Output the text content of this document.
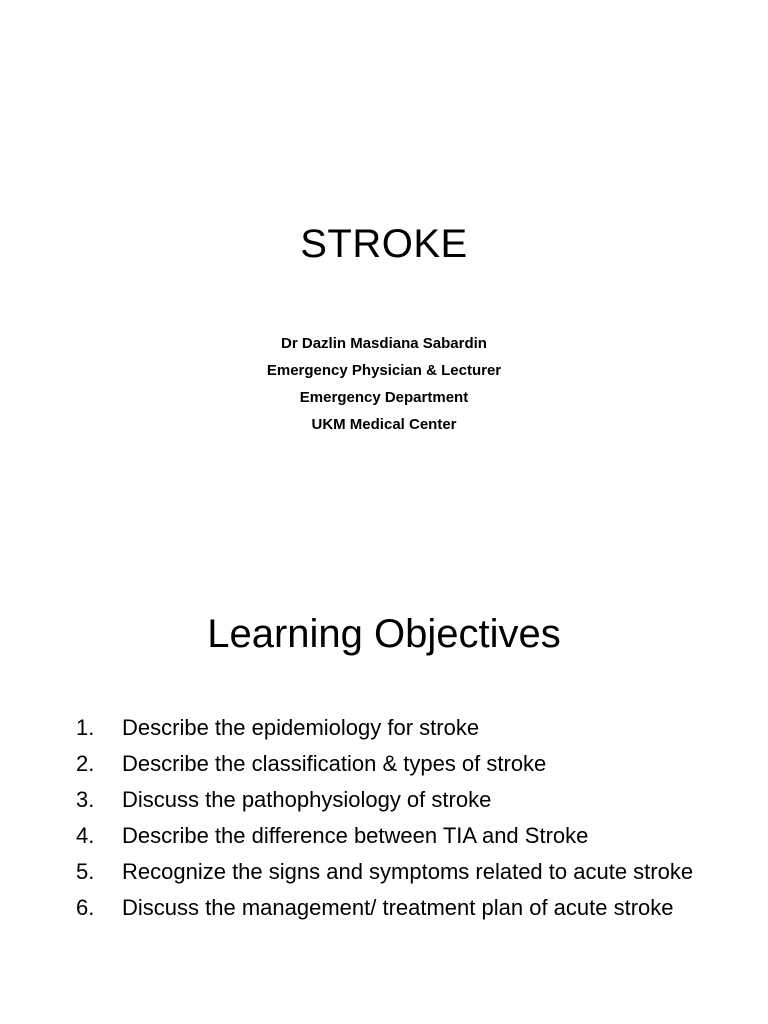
STROKE
Dr Dazlin Masdiana Sabardin
Emergency Physician & Lecturer
Emergency Department
UKM Medical Center
Learning Objectives
1. Describe the epidemiology for stroke
2. Describe the classification & types of stroke
3. Discuss the pathophysiology of stroke
4. Describe the difference between TIA and Stroke
5. Recognize the signs and symptoms related to acute stroke
6. Discuss the management/ treatment plan of acute stroke
